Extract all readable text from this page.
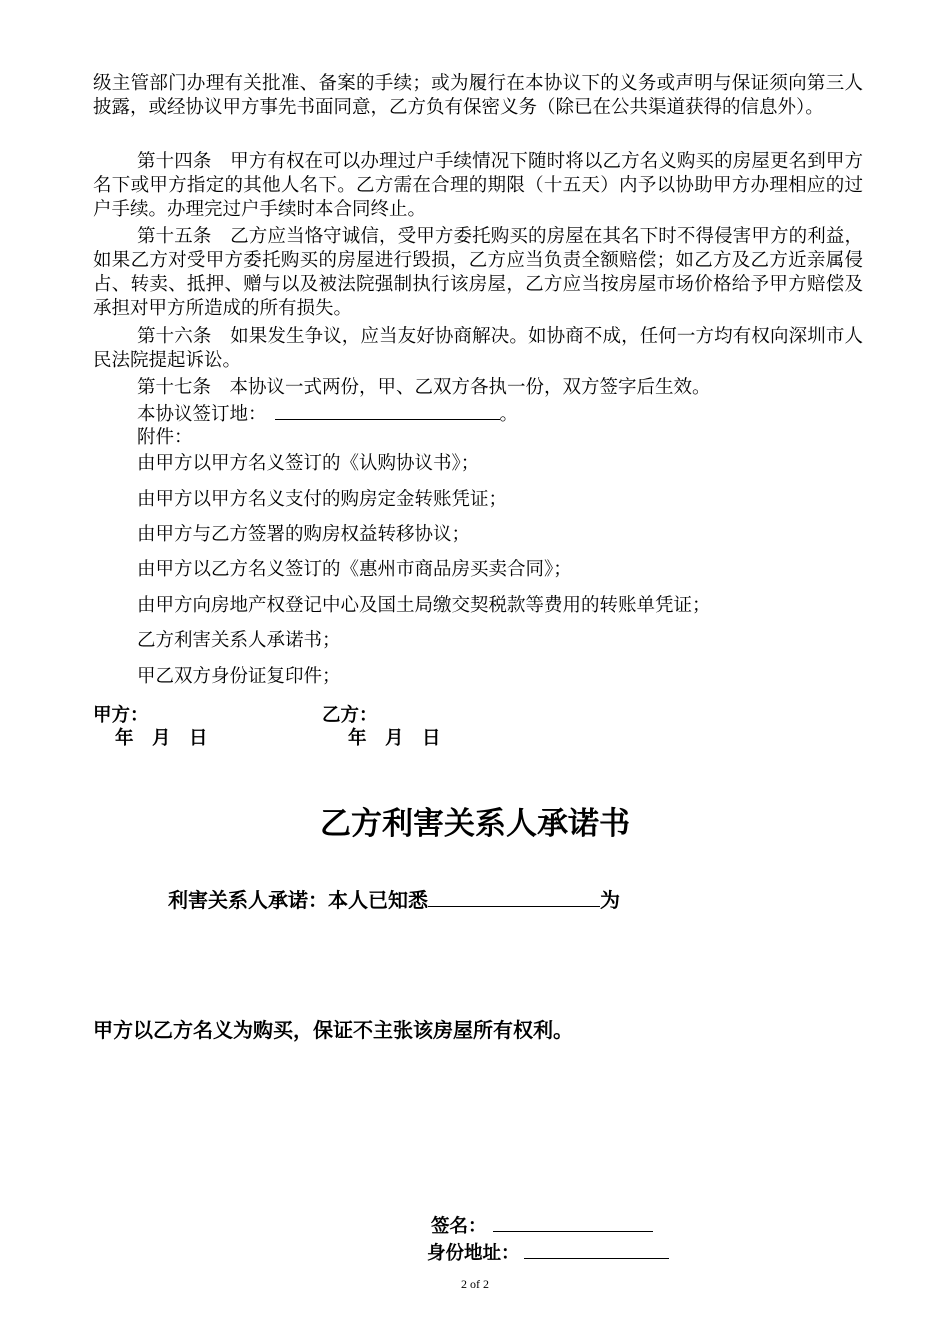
级主管部门办理有关批准、备案的手续；或为履行在本协议下的义务或声明与保证须向第三人披露，或经协议甲方事先书面同意，乙方负有保密义务（除已在公共渠道获得的信息外）。

第十四条　甲方有权在可以办理过户手续情况下随时将以乙方名义购买的房屋更名到甲方名下或甲方指定的其他人名下。乙方需在合理的期限（十五天）内予以协助甲方办理相应的过户手续。办理完过户手续时本合同终止。

第十五条　乙方应当恪守诚信，受甲方委托购买的房屋在其名下时不得侵害甲方的利益，如果乙方对受甲方委托购买的房屋进行毁损，乙方应当负责全额赔偿；如乙方及乙方近亲属侵占、转卖、抵押、赠与以及被法院强制执行该房屋，乙方应当按房屋市场价格给予甲方赔偿及承担对甲方所造成的所有损失。

第十六条　如果发生争议，应当友好协商解决。如协商不成，任何一方均有权向深圳市人民法院提起诉讼。

第十七条　本协议一式两份，甲、乙双方各执一份，双方签字后生效。

本协议签订地：	。

附件：

由甲方以甲方名义签订的《认购协议书》；

由甲方以甲方名义支付的购房定金转账凭证；

由甲方与乙方签署的购房权益转移协议；

由甲方以乙方名义签订的《惠州市商品房买卖合同》；

由甲方向房地产权登记中心及国土局缴交契税款等费用的转账单凭证；

乙方利害关系人承诺书；

甲乙双方身份证复印件；

甲方：	乙方：

年　月　日	年　月　日

乙方利害关系人承诺书

利害关系人承诺：本人已知悉	为

甲方以乙方名义为购买，保证不主张该房屋所有权利。

签名：

身份地址：

2 of 2
